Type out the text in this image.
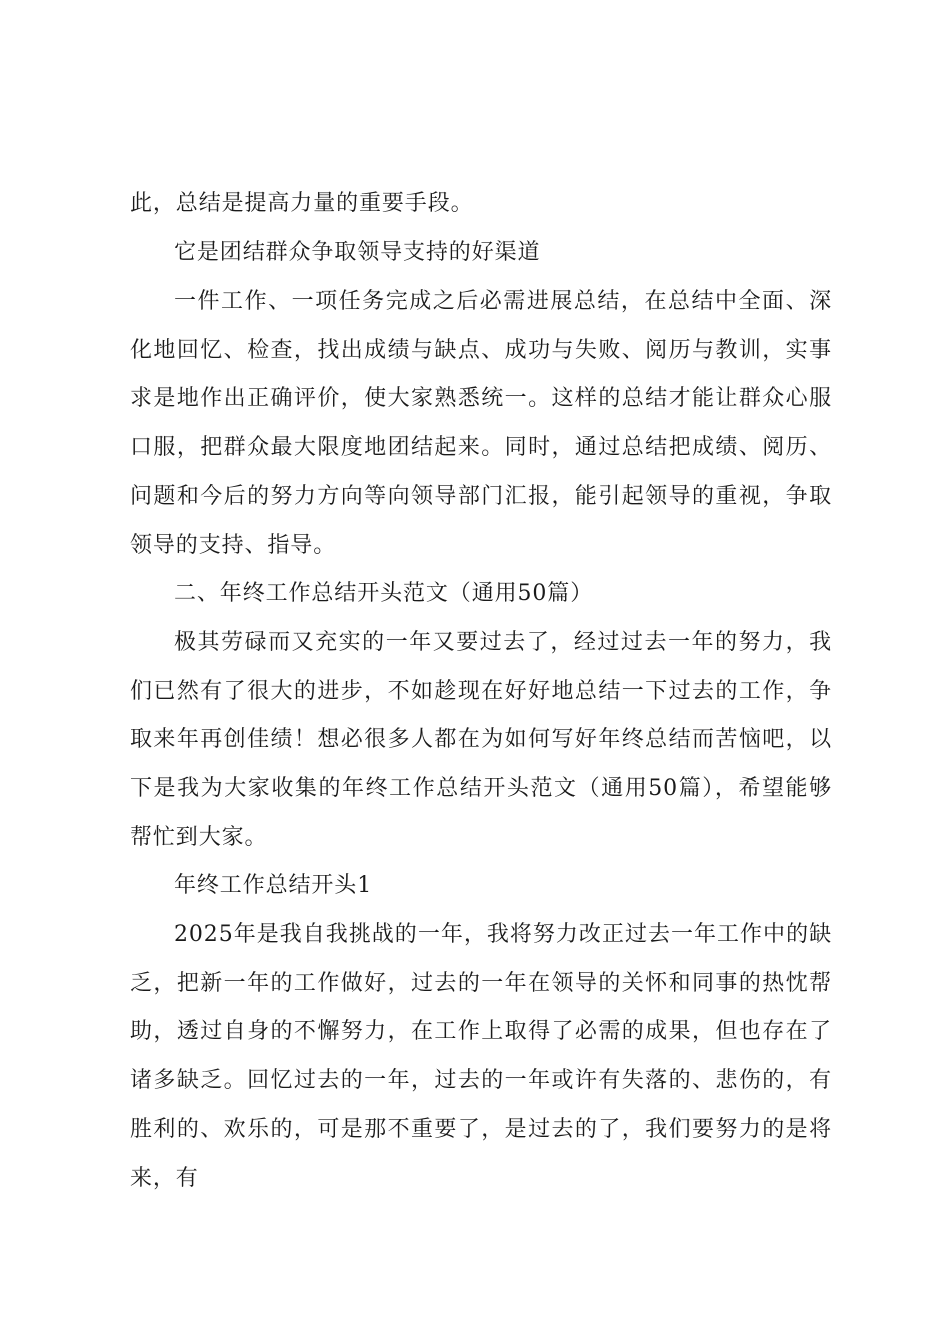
此，总结是提高力量的重要手段。

它是团结群众争取领导支持的好渠道

一件工作、一项任务完成之后必需进展总结，在总结中全面、深化地回忆、检查，找出成绩与缺点、成功与失败、阅历与教训，实事求是地作出正确评价，使大家熟悉统一。这样的总结才能让群众心服口服，把群众最大限度地团结起来。同时，通过总结把成绩、阅历、问题和今后的努力方向等向领导部门汇报，能引起领导的重视，争取领导的支持、指导。

二、年终工作总结开头范文（通用50篇）

极其劳碌而又充实的一年又要过去了，经过过去一年的努力，我们已然有了很大的进步，不如趁现在好好地总结一下过去的工作，争取来年再创佳绩！想必很多人都在为如何写好年终总结而苦恼吧，以下是我为大家收集的年终工作总结开头范文（通用50篇），希望能够帮忙到大家。

年终工作总结开头1

2025年是我自我挑战的一年，我将努力改正过去一年工作中的缺乏，把新一年的工作做好，过去的一年在领导的关怀和同事的热忱帮助，透过自身的不懈努力，在工作上取得了必需的成果，但也存在了诸多缺乏。回忆过去的一年，过去的一年或许有失落的、悲伤的，有胜利的、欢乐的，可是那不重要了，是过去的了，我们要努力的是将来，有
